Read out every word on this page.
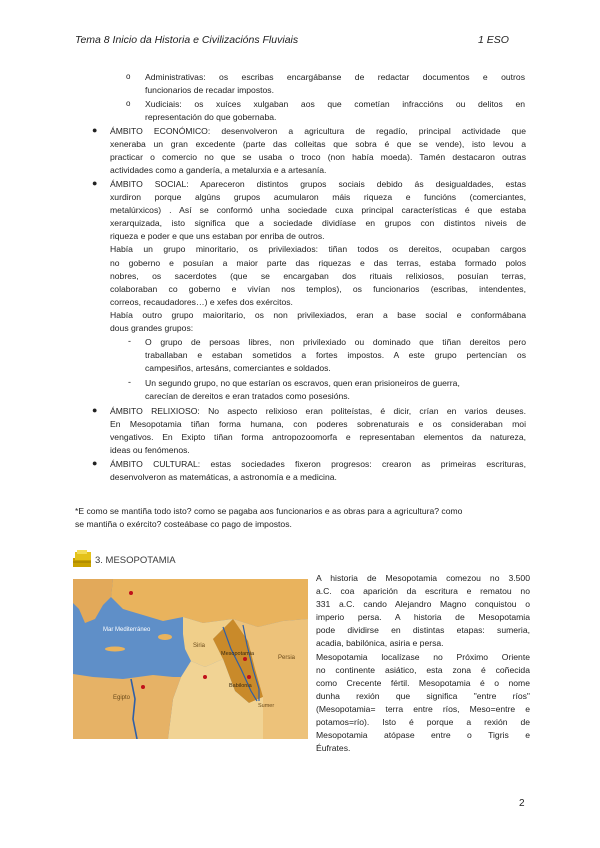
Tema 8 Inicio da Historia e Civilizacións Fluviais	1 ESO
o Administrativas: os escribas encargábanse de redactar documentos e outros
funcionarios de recadar impostos.
o Xudiciais: os xuíces xulgaban aos que cometían infraccións ou delitos en
representación do que gobernaba.
● ÁMBITO ECONÓMICO: desenvolveron a agricultura de regadío, principal actividade que
xeneraba un gran excedente (parte das colleitas que sobra é que se vende), isto levou a
practicar o comercio no que se usaba o troco (non había moeda). Tamén destacaron outras
actividades como a gandería, a metalurxia e a artesanía.
● ÁMBITO SOCIAL: Apareceron distintos grupos sociais debido ás desigualdades, estas
xurdiron porque algúns grupos acumularon máis riqueza e funcións (comerciantes,
metalúrxicos) . Así se conformó unha sociedade cuxa principal características é que estaba
xerarquizada, isto significa que a sociedade dividíase en grupos con distintos niveis de
riqueza e poder e que uns estaban por enriba de outros.
Había un grupo minoritario, os privilexiados: tiñan todos os dereitos, ocupaban cargos
no goberno e posuían a maior parte das riquezas e das terras, estaba formado polos
nobres, os sacerdotes (que se encargaban dos rituais relixiosos, posuían terras,
colaboraban co goberno e vivían nos templos), os funcionarios (escribas, intendentes,
correos, recaudadores…) e xefes dos exércitos.
Había outro grupo maioritario, os non privilexiados, eran a base social e conformábana
dous grandes grupos:
- O grupo de persoas libres, non privilexiado ou dominado que tiñan dereitos pero
traballaban e estaban sometidos a fortes impostos. A este grupo pertencían os
campesiños, artesáns, comerciantes e soldados.
- Un segundo grupo, no que estarían os escravos, quen eran prisioneiros de guerra,
carecían de dereitos e eran tratados como posesións.
● ÁMBITO RELIXIOSO: No aspecto relixioso eran politeístas, é dicir, crían en varios deuses.
En Mesopotamia tiñan forma humana, con poderes sobrenaturais e os consideraban moi
vengativos. En Exipto tiñan forma antropozoomorfa e representaban elementos da natureza,
ideas ou fenómenos.
● ÁMBITO CULTURAL: estas sociedades fixeron progresos: crearon as primeiras escrituras,
desenvolveron as matemáticas, a astronomía e a medicina.
*E como se mantiña todo isto? como se pagaba aos funcionarios e as obras para a agricultura? como
se mantiña o exército? costeábase co pago de impostos.
3. MESOPOTAMIA
Mar Mediterráneo
Siria
Babilonia
Sumer
Persia
Egipto
Mesopotamia
A historia de Mesopotamia comezou no 3.500
a.C. coa aparición da escritura e rematou no
331 a.C. cando Alejandro Magno conquistou o
imperio persa. A historia de Mesopotamia
pode dividirse en distintas etapas: sumeria,
acadia, babilónica, asiria e persa.
Mesopotamia localízase no Próximo Oriente
no continente asiático, esta zona é coñecida
como Crecente fértil. Mesopotamia é o nome
dunha rexión que significa "entre ríos"
(Mesopotamia= terra entre ríos, Meso=entre e
potamos=río). Isto é porque a rexión de
Mesopotamia atópase entre o Tigris e
Éufrates.
2
